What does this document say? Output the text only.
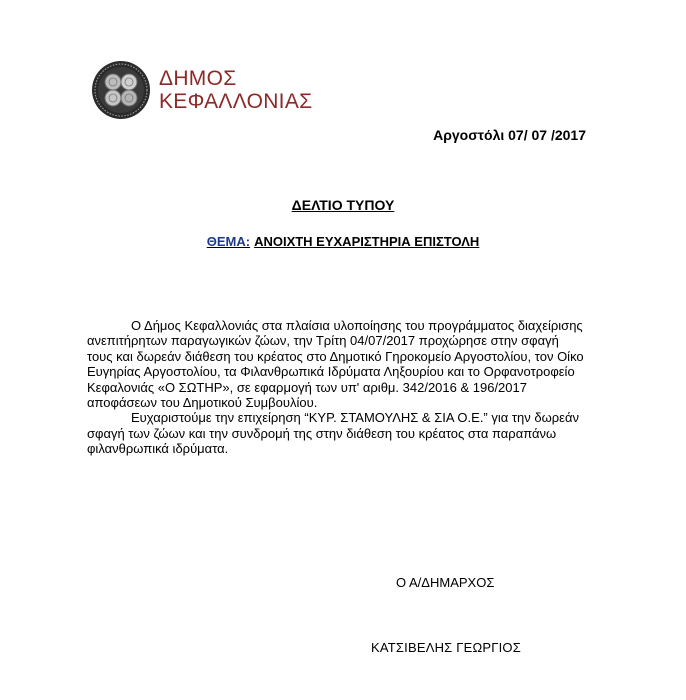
ΔΗΜΟΣ
ΚΕΦΑΛΛΟΝΙΑΣ
Αργοστόλι 07/ 07 /2017
ΔΕΛΤΙΟ ΤΥΠΟΥ
ΘΕΜΑ: ΑΝΟΙΧΤΗ ΕΥΧΑΡΙΣΤΗΡΙΑ ΕΠΙΣΤΟΛΗ

Ο Δήμος Κεφαλλονιάς στα πλαίσια υλοποίησης του προγράμματος διαχείρισης ανεπιτήρητων παραγωγικών ζώων, την Τρίτη 04/07/2017 προχώρησε στην σφαγή τους και δωρεάν διάθεση του κρέατος στο Δημοτικό Γηροκομείο Αργοστολίου, τον Οίκο Ευγηρίας Αργοστολίου, τα Φιλανθρωπικά Ιδρύματα Ληξουρίου και το Ορφανοτροφείο Κεφαλονιάς «Ο ΣΩΤΗΡ», σε εφαρμογή των υπ' αριθμ. 342/2016 & 196/2017 αποφάσεων του Δημοτικού Συμβουλίου.

Ευχαριστούμε την επιχείρηση “ΚΥΡ. ΣΤΑΜΟΥΛΗΣ & ΣΙΑ Ο.Ε.” για την δωρεάν σφαγή των ζώων και την συνδρομή της στην διάθεση του κρέατος στα παραπάνω φιλανθρωπικά ιδρύματα.

Ο Α/ΔΗΜΑΡΧΟΣ
ΚΑΤΣΙΒΕΛΗΣ ΓΕΩΡΓΙΟΣ
